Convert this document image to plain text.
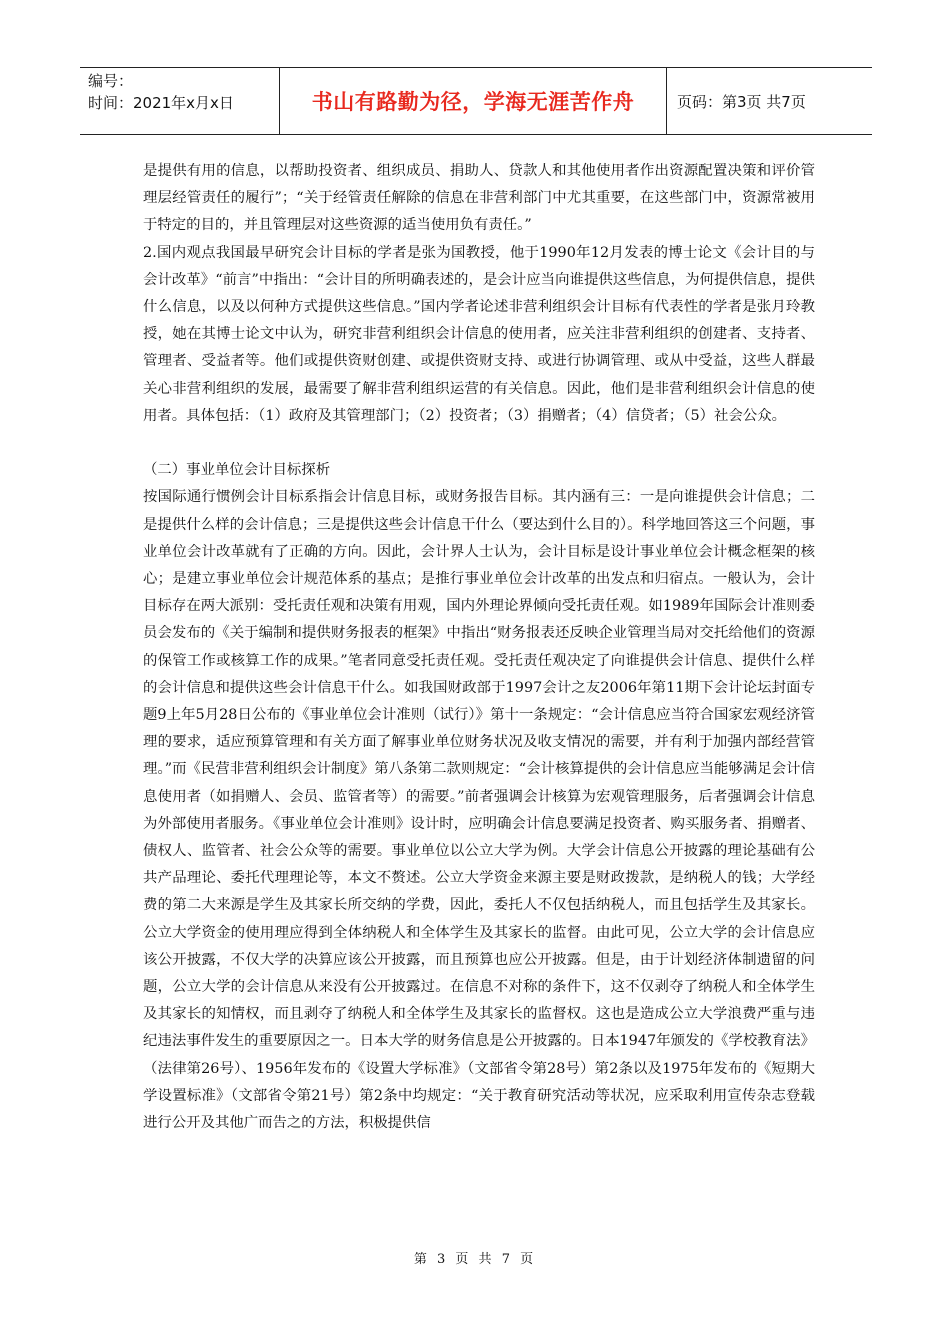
编号：
时间：2021年x月x日	书山有路勤为径，学海无涯苦作舟	页码：第3页 共7页

是提供有用的信息，以帮助投资者、组织成员、捐助人、贷款人和其他使用者作出资源配置决策和评价管理层经管责任的履行”；“关于经管责任解除的信息在非营利部门中尤其重要，在这些部门中，资源常被用于特定的目的，并且管理层对这些资源的适当使用负有责任。”

2.国内观点我国最早研究会计目标的学者是张为国教授，他于1990年12月发表的博士论文《会计目的与会计改革》“前言”中指出：“会计目的所明确表述的，是会计应当向谁提供这些信息，为何提供信息，提供什么信息，以及以何种方式提供这些信息。”国内学者论述非营利组织会计目标有代表性的学者是张月玲教授，她在其博士论文中认为，研究非营利组织会计信息的使用者，应关注非营利组织的创建者、支持者、管理者、受益者等。他们或提供资财创建、或提供资财支持、或进行协调管理、或从中受益，这些人群最关心非营利组织的发展，最需要了解非营利组织运营的有关信息。因此，他们是非营利组织会计信息的使用者。具体包括：（1）政府及其管理部门；（2）投资者；（3）捐赠者；（4）信贷者；（5）社会公众。

（二）事业单位会计目标探析

按国际通行惯例会计目标系指会计信息目标，或财务报告目标。其内涵有三：一是向谁提供会计信息；二是提供什么样的会计信息；三是提供这些会计信息干什么（要达到什么目的）。科学地回答这三个问题，事业单位会计改革就有了正确的方向。因此，会计界人士认为，会计目标是设计事业单位会计概念框架的核心；是建立事业单位会计规范体系的基点；是推行事业单位会计改革的出发点和归宿点。一般认为，会计目标存在两大派别：受托责任观和决策有用观，国内外理论界倾向受托责任观。如1989年国际会计准则委员会发布的《关于编制和提供财务报表的框架》中指出“财务报表还反映企业管理当局对交托给他们的资源的保管工作或核算工作的成果。”笔者同意受托责任观。受托责任观决定了向谁提供会计信息、提供什么样的会计信息和提供这些会计信息干什么。如我国财政部于1997会计之友2006年第11期下会计论坛封面专题9上年5月28日公布的《事业单位会计准则（试行）》第十一条规定：“会计信息应当符合国家宏观经济管理的要求，适应预算管理和有关方面了解事业单位财务状况及收支情况的需要，并有利于加强内部经营管理。”而《民营非营利组织会计制度》第八条第二款则规定：“会计核算提供的会计信息应当能够满足会计信息使用者（如捐赠人、会员、监管者等）的需要。”前者强调会计核算为宏观管理服务，后者强调会计信息为外部使用者服务。《事业单位会计准则》设计时，应明确会计信息要满足投资者、购买服务者、捐赠者、债权人、监管者、社会公众等的需要。事业单位以公立大学为例。大学会计信息公开披露的理论基础有公共产品理论、委托代理理论等，本文不赘述。公立大学资金来源主要是财政拨款，是纳税人的钱；大学经费的第二大来源是学生及其家长所交纳的学费，因此，委托人不仅包括纳税人，而且包括学生及其家长。公立大学资金的使用理应得到全体纳税人和全体学生及其家长的监督。由此可见，公立大学的会计信息应该公开披露，不仅大学的决算应该公开披露，而且预算也应公开披露。但是，由于计划经济体制遗留的问题，公立大学的会计信息从来没有公开披露过。在信息不对称的条件下，这不仅剥夺了纳税人和全体学生及其家长的知情权，而且剥夺了纳税人和全体学生及其家长的监督权。这也是造成公立大学浪费严重与违纪违法事件发生的重要原因之一。日本大学的财务信息是公开披露的。日本1947年颁发的《学校教育法》（法律第26号）、1956年发布的《设置大学标准》（文部省令第28号）第2条以及1975年发布的《短期大学设置标准》（文部省令第21号）第2条中均规定：“关于教育研究活动等状况，应采取利用宣传杂志登载进行公开及其他广而告之的方法，积极提供信

第 3 页 共 7 页
